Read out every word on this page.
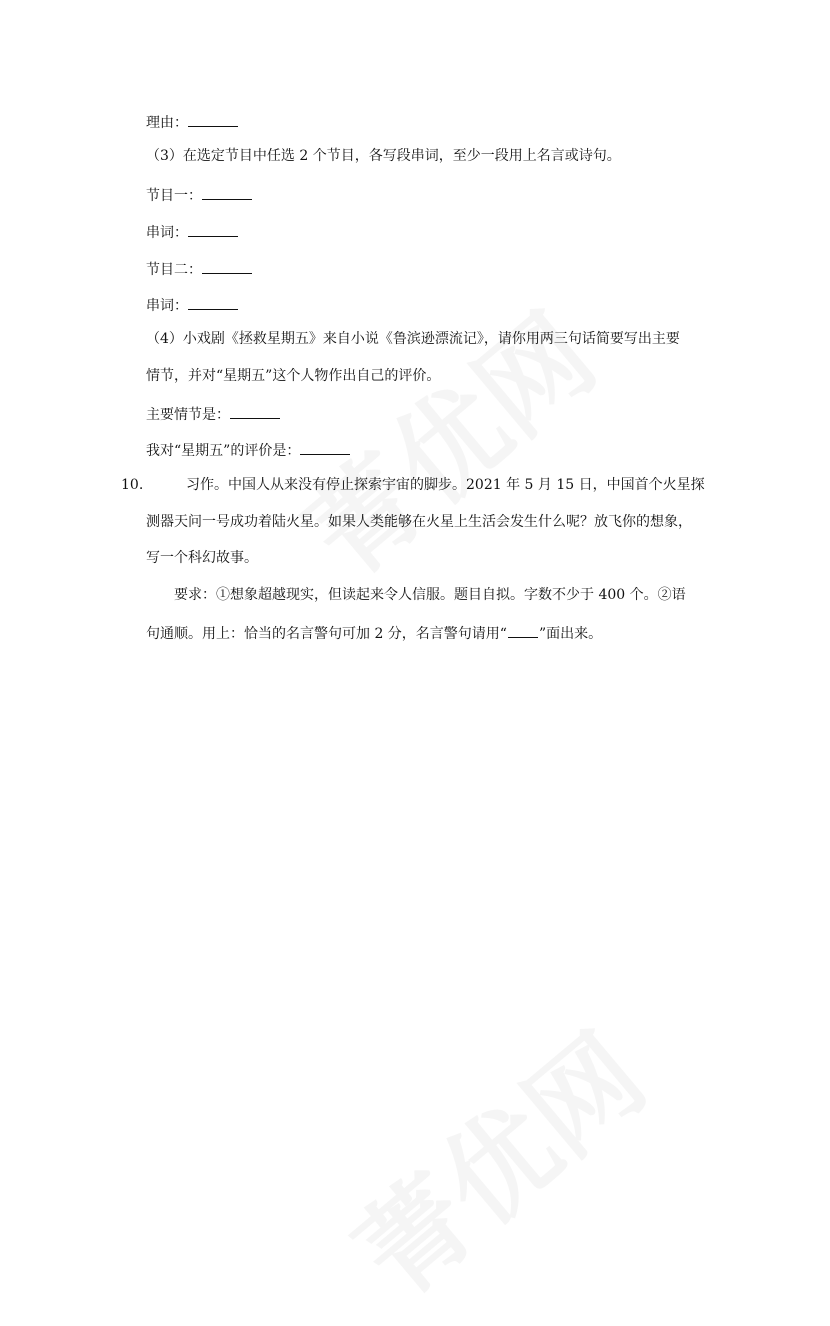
理由：
（3）在选定节目中任选 2 个节目，各写段串词，至少一段用上名言或诗句。
节目一：
串词：
节目二：
串词：
（4）小戏剧《拯救星期五》来自小说《鲁滨逊漂流记》，请你用两三句话简要写出主要
情节，并对“星期五”这个人物作出自己的评价。
主要情节是：
我对“星期五”的评价是：
10.	习作。中国人从来没有停止探索宇宙的脚步。2021 年 5 月 15 日，中国首个火星探
测器天问一号成功着陆火星。如果人类能够在火星上生活会发生什么呢？放飞你的想象，
写一个科幻故事。
要求：①想象超越现实，但读起来令人信服。题目自拟。字数不少于 400 个。②语
句通顺。用上：恰当的名言警句可加 2 分，名言警句请用“ ”面出来。
